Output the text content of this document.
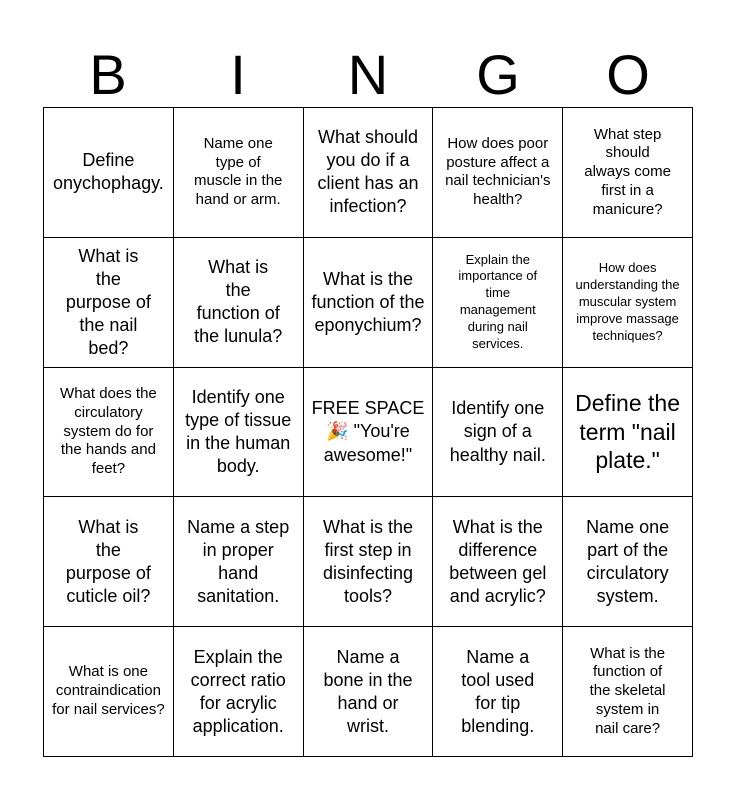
B	I	N	G	O
Define onychophagy.
Name one type of muscle in the hand or arm.
What should you do if a client has an infection?
How does poor posture affect a nail technician's health?
What step should always come first in a manicure?
What is the purpose of the nail bed?
What is the function of the lunula?
What is the function of the eponychium?
Explain the importance of time management during nail services.
How does understanding the muscular system improve massage techniques?
What does the circulatory system do for the hands and feet?
Identify one type of tissue in the human body.
FREE SPACE 🎉 "You're awesome!"
Identify one sign of a healthy nail.
Define the term "nail plate."
What is the purpose of cuticle oil?
Name a step in proper hand sanitation.
What is the first step in disinfecting tools?
What is the difference between gel and acrylic?
Name one part of the circulatory system.
What is one contraindication for nail services?
Explain the correct ratio for acrylic application.
Name a bone in the hand or wrist.
Name a tool used for tip blending.
What is the function of the skeletal system in nail care?
